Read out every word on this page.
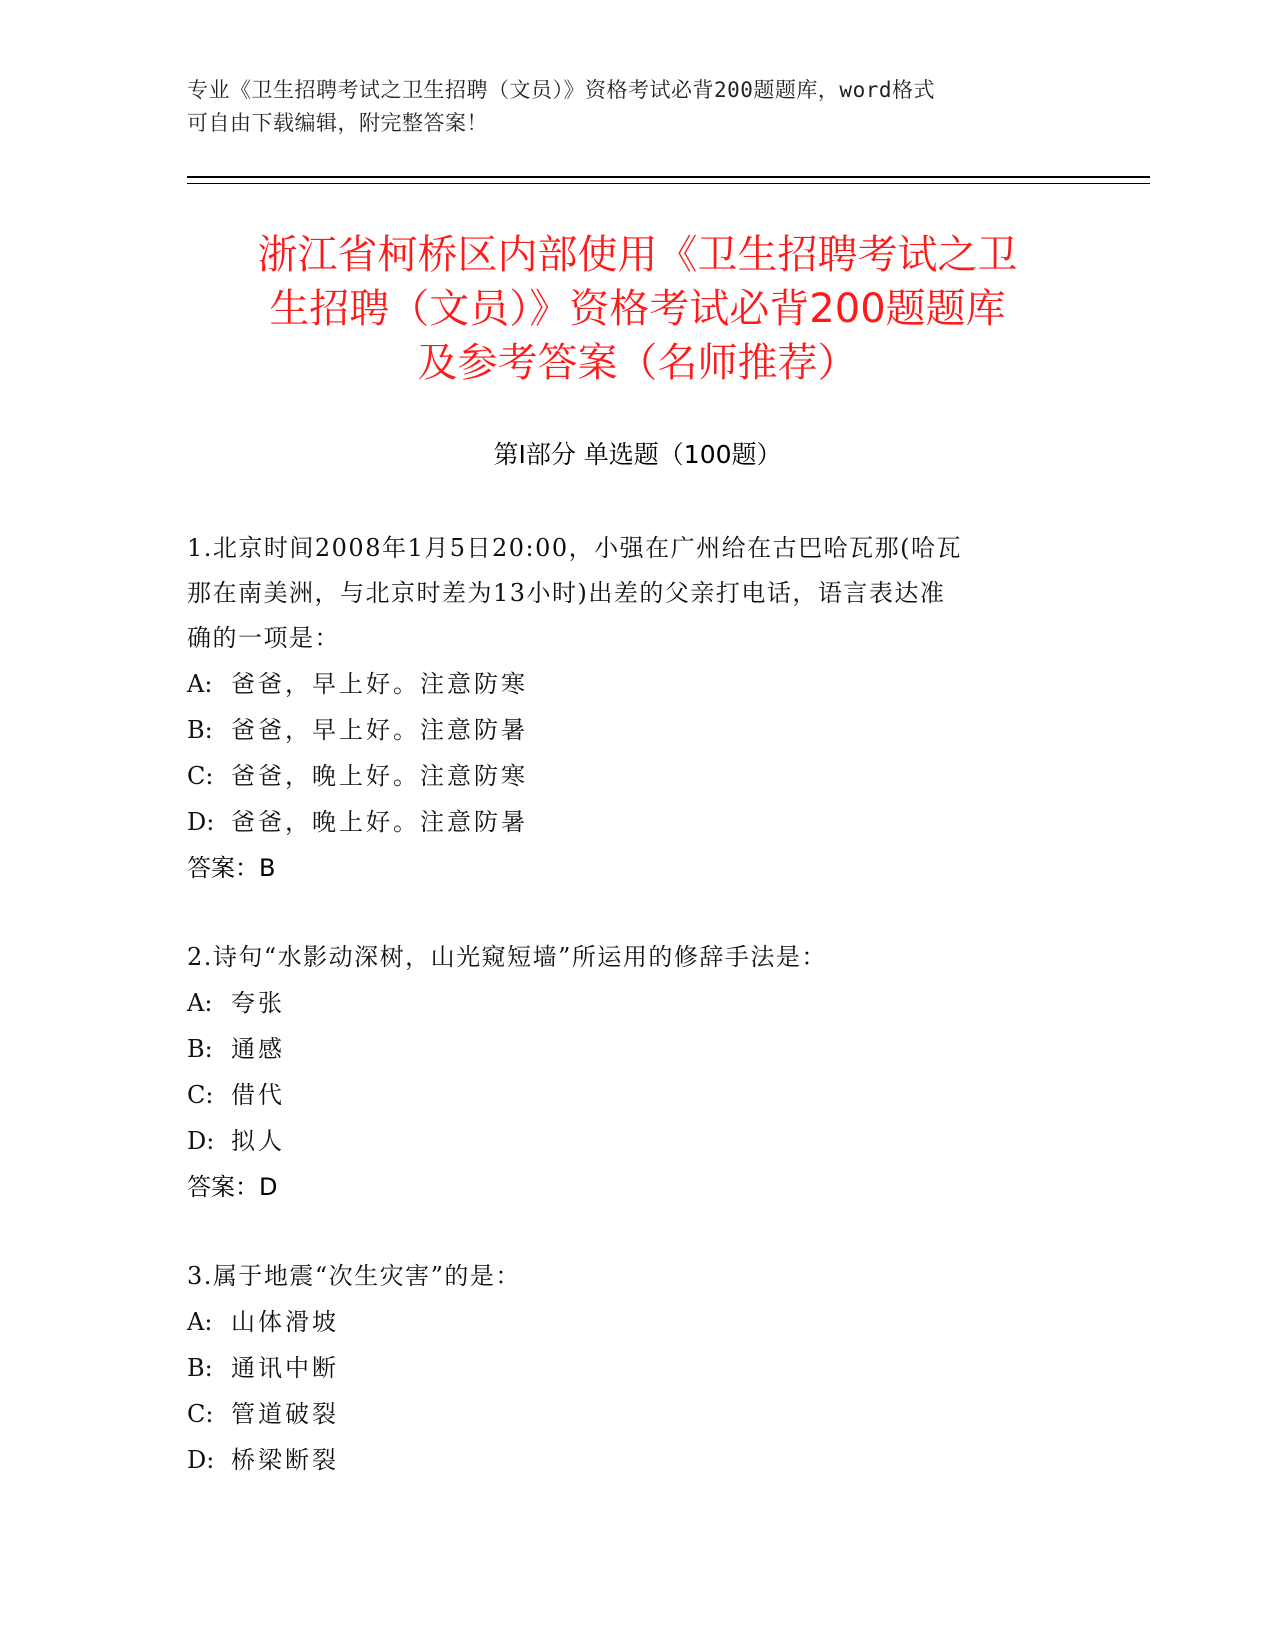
专业《卫生招聘考试之卫生招聘（文员）》资格考试必背200题题库，word格式
可自由下载编辑，附完整答案！
浙江省柯桥区内部使用《卫生招聘考试之卫
生招聘（文员）》资格考试必背200题题库
及参考答案（名师推荐）
第Ⅰ部分 单选题（100题）
1.北京时间2008年1月5日20:00，小强在广州给在古巴哈瓦那(哈瓦
那在南美洲，与北京时差为13小时)出差的父亲打电话，语言表达准
确的一项是：
A: 爸爸，早上好。注意防寒
B: 爸爸，早上好。注意防暑
C: 爸爸，晚上好。注意防寒
D: 爸爸，晚上好。注意防暑
答案：B
2.诗句“水影动深树，山光窥短墙”所运用的修辞手法是：
A: 夸张
B: 通感
C: 借代
D: 拟人
答案：D
3.属于地震“次生灾害”的是：
A: 山体滑坡
B: 通讯中断
C: 管道破裂
D: 桥梁断裂
